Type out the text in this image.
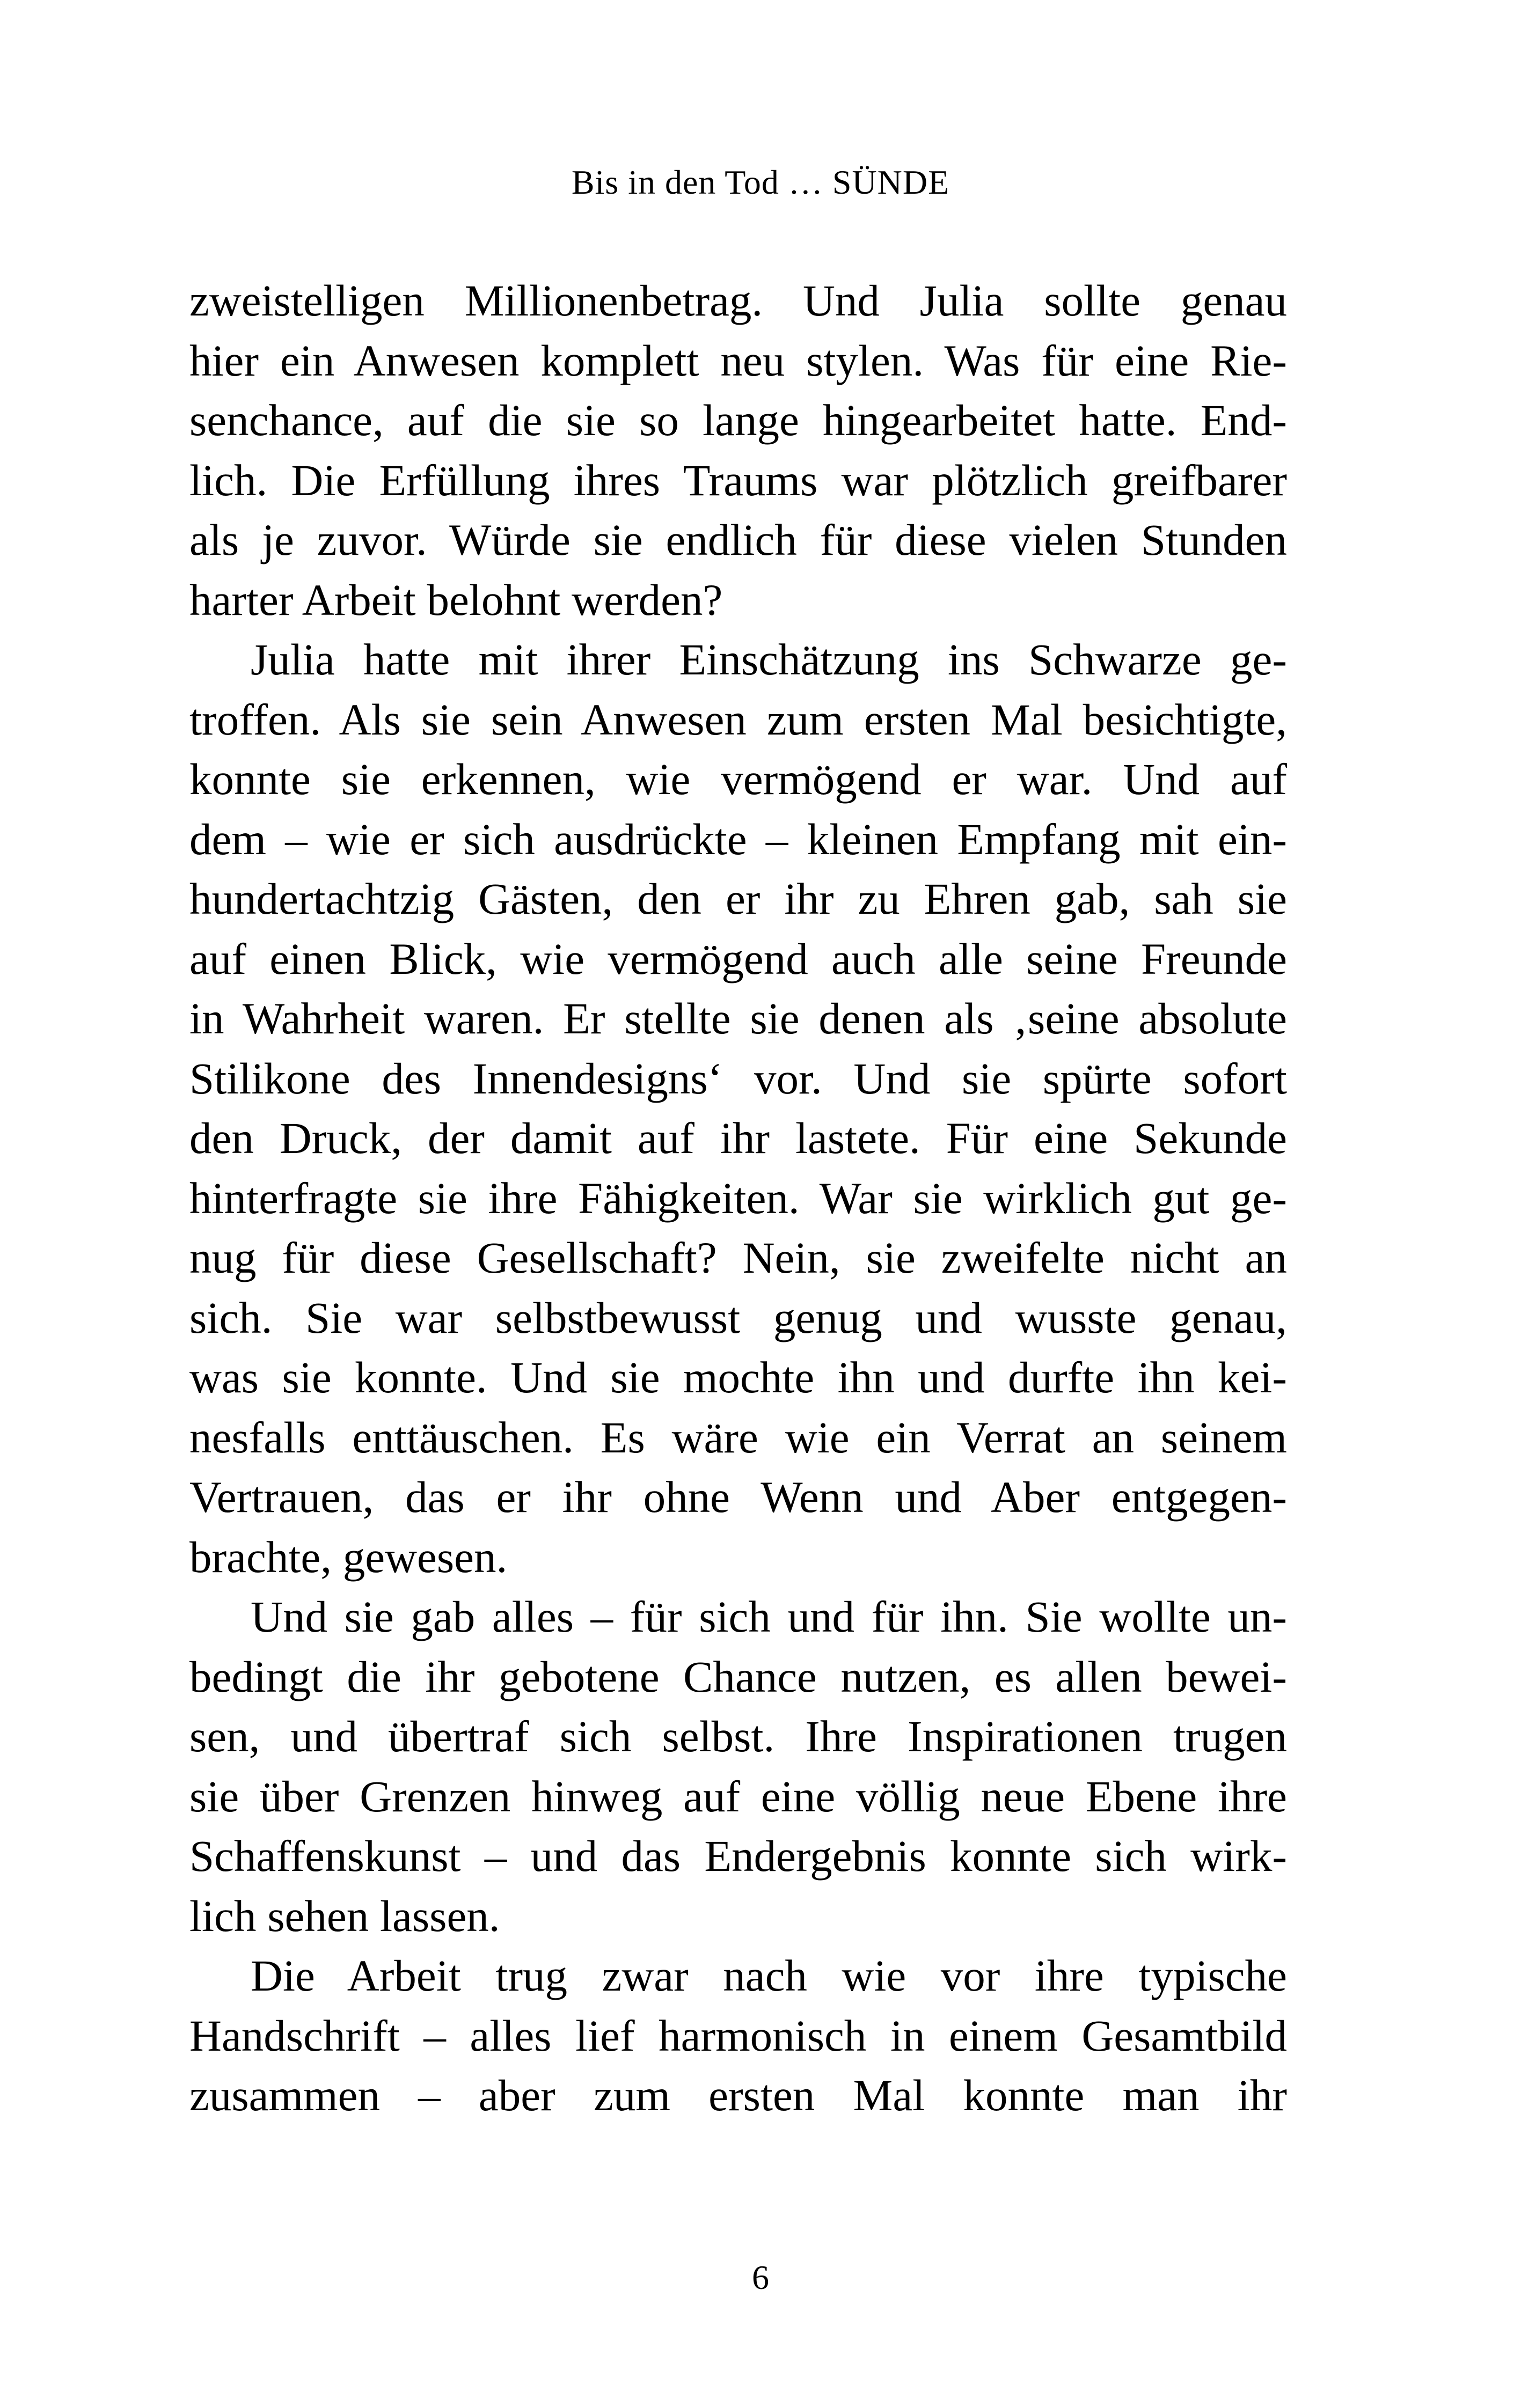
Bis in den Tod … SÜNDE
zweistelligen Millionenbetrag. Und Julia sollte genau
hier ein Anwesen komplett neu stylen. Was für eine Rie-
senchance, auf die sie so lange hingearbeitet hatte. End-
lich. Die Erfüllung ihres Traums war plötzlich greifbarer
als je zuvor. Würde sie endlich für diese vielen Stunden
harter Arbeit belohnt werden?
Julia hatte mit ihrer Einschätzung ins Schwarze ge-
troffen. Als sie sein Anwesen zum ersten Mal besichtigte,
konnte sie erkennen, wie vermögend er war. Und auf
dem – wie er sich ausdrückte – kleinen Empfang mit ein-
hundertachtzig Gästen, den er ihr zu Ehren gab, sah sie
auf einen Blick, wie vermögend auch alle seine Freunde
in Wahrheit waren. Er stellte sie denen als ‚seine absolute
Stilikone des Innendesigns‘ vor. Und sie spürte sofort
den Druck, der damit auf ihr lastete. Für eine Sekunde
hinterfragte sie ihre Fähigkeiten. War sie wirklich gut ge-
nug für diese Gesellschaft? Nein, sie zweifelte nicht an
sich. Sie war selbstbewusst genug und wusste genau,
was sie konnte. Und sie mochte ihn und durfte ihn kei-
nesfalls enttäuschen. Es wäre wie ein Verrat an seinem
Vertrauen, das er ihr ohne Wenn und Aber entgegen-
brachte, gewesen.
Und sie gab alles – für sich und für ihn. Sie wollte un-
bedingt die ihr gebotene Chance nutzen, es allen bewei-
sen, und übertraf sich selbst. Ihre Inspirationen trugen
sie über Grenzen hinweg auf eine völlig neue Ebene ihre
Schaffenskunst – und das Endergebnis konnte sich wirk-
lich sehen lassen.
Die Arbeit trug zwar nach wie vor ihre typische
Handschrift – alles lief harmonisch in einem Gesamtbild
zusammen – aber zum ersten Mal konnte man ihr
6
